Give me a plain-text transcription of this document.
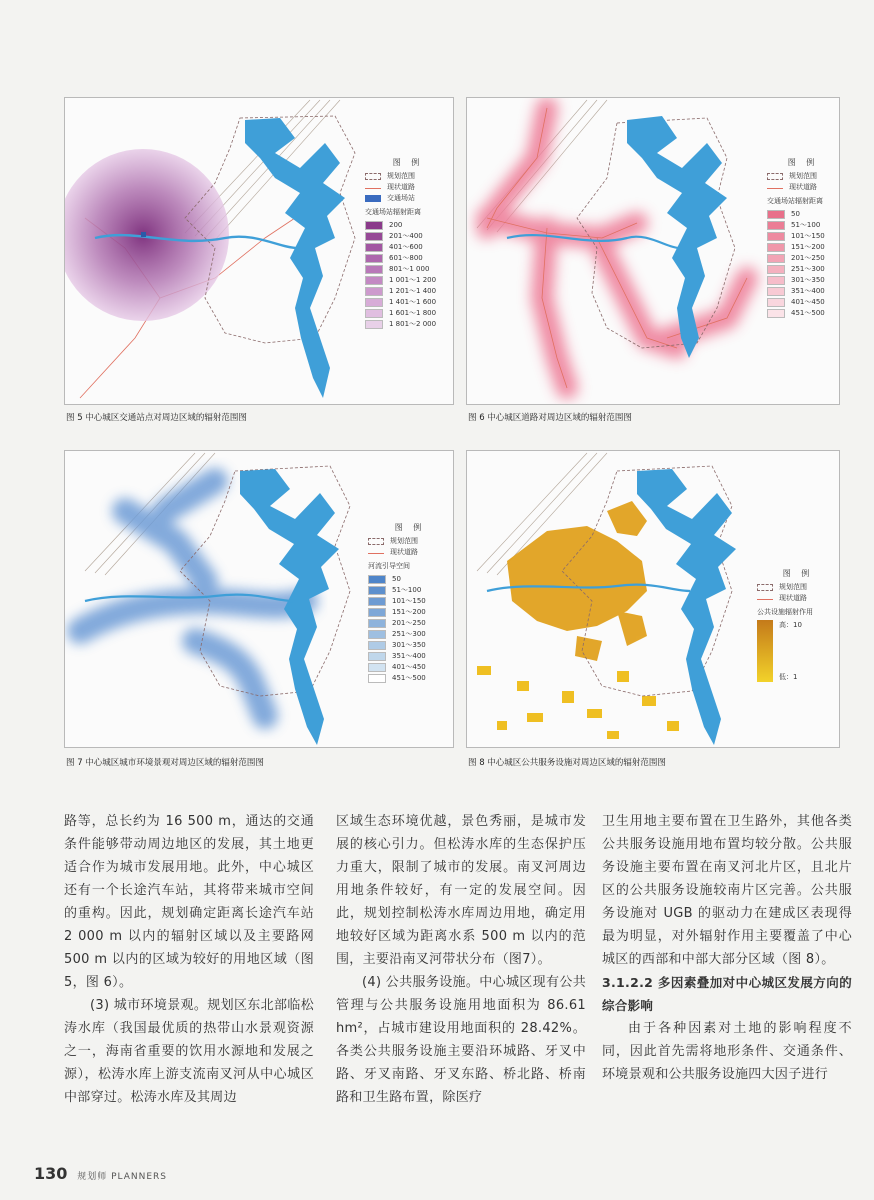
图 例
规划范围
现状道路
交通场站
交通场站辐射距离
200
201～400
401～600
601～800
801～1 000
1 001～1 200
1 201～1 400
1 401～1 600
1 601～1 800
1 801～2 000
图 5 中心城区交通站点对周边区域的辐射范围图
图 例
规划范围
现状道路
交通场站辐射距离
50
51～100
101～150
151～200
201～250
251～300
301～350
351～400
401～450
451～500
图 6 中心城区道路对周边区域的辐射范围图
图 例
规划范围
现状道路
河流引导空间
50
51～100
101～150
151～200
201～250
251～300
301～350
351～400
401～450
451～500
图 7 中心城区城市环境景观对周边区域的辐射范围图
图 例
规划范围
现状道路
公共设施辐射作用
高：10
低：1
图 8 中心城区公共服务设施对周边区域的辐射范围图

路等，总长约为 16 500 m，通达的交通条件能够带动周边地区的发展，其土地更适合作为城市发展用地。此外，中心城区还有一个长途汽车站，其将带来城市空间的重构。因此，规划确定距离长途汽车站 2 000 m 以内的辐射区域以及主要路网 500 m 以内的区域为较好的用地区域（图 5，图 6）。

(3) 城市环境景观。规划区东北部临松涛水库（我国最优质的热带山水景观资源之一，海南省重要的饮用水源地和发展之源），松涛水库上游支流南叉河从中心城区中部穿过。松涛水库及其周边

区域生态环境优越，景色秀丽，是城市发展的核心引力。但松涛水库的生态保护压力重大，限制了城市的发展。南叉河周边用地条件较好，有一定的发展空间。因此，规划控制松涛水库周边用地，确定用地较好区域为距离水系 500 m 以内的范围，主要沿南叉河带状分布（图7）。

(4) 公共服务设施。中心城区现有公共管理与公共服务设施用地面积为 86.61 hm²，占城市建设用地面积的 28.42%。各类公共服务设施主要沿环城路、牙叉中路、牙叉南路、牙叉东路、桥北路、桥南路和卫生路布置，除医疗

卫生用地主要布置在卫生路外，其他各类公共服务设施用地布置均较分散。公共服务设施主要布置在南叉河北片区，且北片区的公共服务设施较南片区完善。公共服务设施对 UGB 的驱动力在建成区表现得最为明显，对外辐射作用主要覆盖了中心城区的西部和中部大部分区域（图 8）。

3.1.2.2 多因素叠加对中心城区发展方向的综合影响

由于各种因素对土地的影响程度不同，因此首先需将地形条件、交通条件、环境景观和公共服务设施四大因子进行

130 规划师 PLANNERS
